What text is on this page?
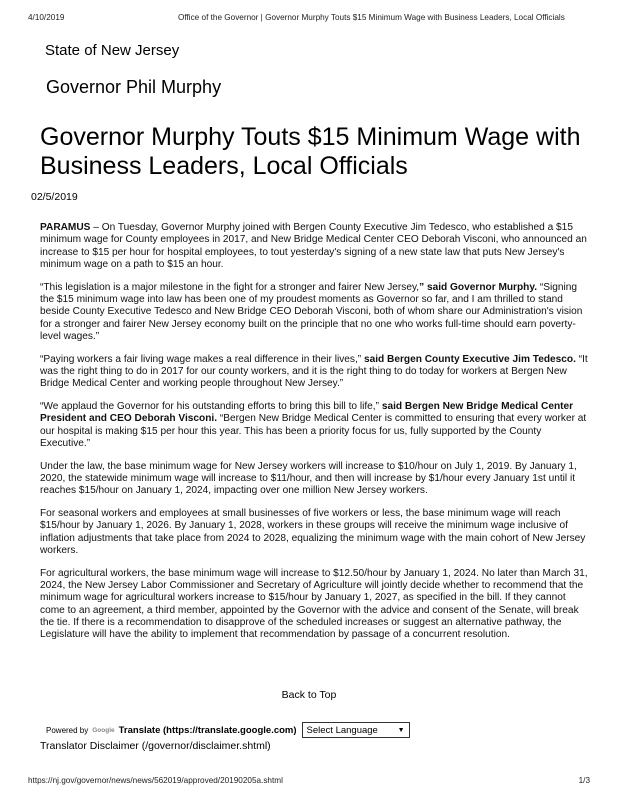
4/10/2019	Office of the Governor | Governor Murphy Touts $15 Minimum Wage with Business Leaders, Local Officials
State of New Jersey
Governor Phil Murphy
Governor Murphy Touts $15 Minimum Wage with Business Leaders, Local Officials
02/5/2019

PARAMUS – On Tuesday, Governor Murphy joined with Bergen County Executive Jim Tedesco, who established a $15 minimum wage for County employees in 2017, and New Bridge Medical Center CEO Deborah Visconi, who announced an increase to $15 per hour for hospital employees, to tout yesterday's signing of a new state law that puts New Jersey's minimum wage on a path to $15 an hour.

“This legislation is a major milestone in the fight for a stronger and fairer New Jersey,” said Governor Murphy. “Signing the $15 minimum wage into law has been one of my proudest moments as Governor so far, and I am thrilled to stand beside County Executive Tedesco and New Bridge CEO Deborah Visconi, both of whom share our Administration's vision for a stronger and fairer New Jersey economy built on the principle that no one who works full-time should earn poverty-level wages.”

“Paying workers a fair living wage makes a real difference in their lives,” said Bergen County Executive Jim Tedesco. “It was the right thing to do in 2017 for our county workers, and it is the right thing to do today for workers at Bergen New Bridge Medical Center and working people throughout New Jersey.”

“We applaud the Governor for his outstanding efforts to bring this bill to life,” said Bergen New Bridge Medical Center President and CEO Deborah Visconi. “Bergen New Bridge Medical Center is committed to ensuring that every worker at our hospital is making $15 per hour this year. This has been a priority focus for us, fully supported by the County Executive.”

Under the law, the base minimum wage for New Jersey workers will increase to $10/hour on July 1, 2019. By January 1, 2020, the statewide minimum wage will increase to $11/hour, and then will increase by $1/hour every January 1st until it reaches $15/hour on January 1, 2024, impacting over one million New Jersey workers.

For seasonal workers and employees at small businesses of five workers or less, the base minimum wage will reach $15/hour by January 1, 2026. By January 1, 2028, workers in these groups will receive the minimum wage inclusive of inflation adjustments that take place from 2024 to 2028, equalizing the minimum wage with the main cohort of New Jersey workers.

For agricultural workers, the base minimum wage will increase to $12.50/hour by January 1, 2024. No later than March 31, 2024, the New Jersey Labor Commissioner and Secretary of Agriculture will jointly decide whether to recommend that the minimum wage for agricultural workers increase to $15/hour by January 1, 2027, as specified in the bill. If they cannot come to an agreement, a third member, appointed by the Governor with the advice and consent of the Senate, will break the tie. If there is a recommendation to disapprove of the scheduled increases or suggest an alternative pathway, the Legislature will have the ability to implement that recommendation by passage of a concurrent resolution.

Back to Top
Powered by Google Translate (https://translate.google.com) Select Language	▼
Translator Disclaimer (/governor/disclaimer.shtml)
https://nj.gov/governor/news/news/562019/approved/20190205a.shtml	1/3
